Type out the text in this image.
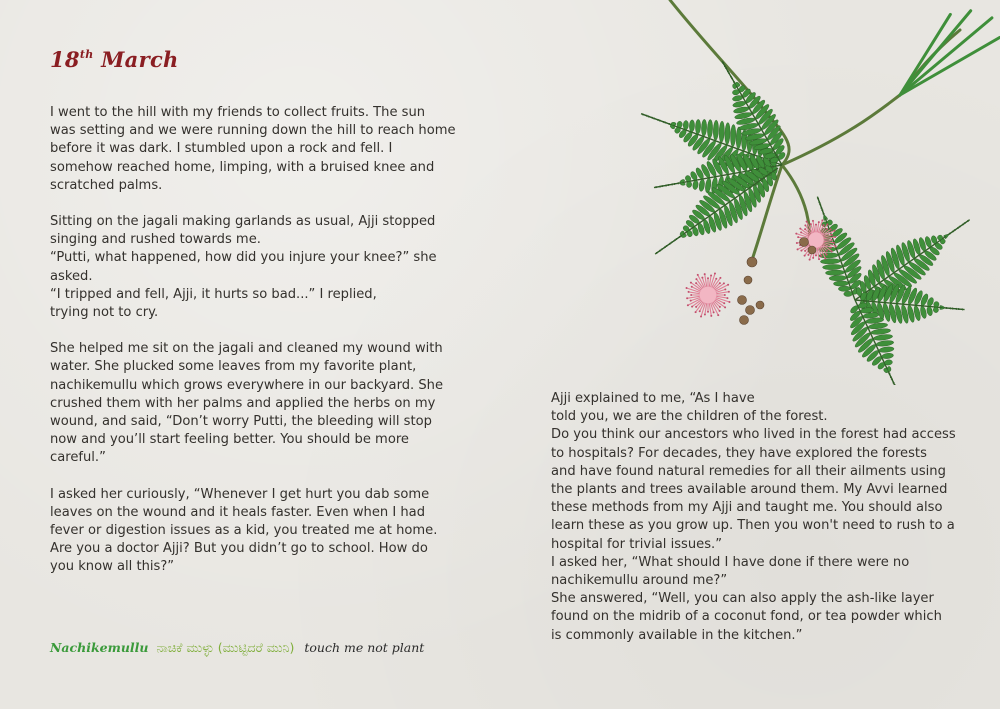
18th March

I went to the hill with my friends to collect fruits. The sun
was setting and we were running down the hill to reach home
before it was dark. I stumbled upon a rock and fell. I
somehow reached home, limping, with a bruised knee and
scratched palms.

Sitting on the jagali making garlands as usual, Ajji stopped
singing and rushed towards me.
“Putti, what happened, how did you injure your knee?” she
asked.
“I tripped and fell, Ajji, it hurts so bad...” I replied,
trying not to cry.

She helped me sit on the jagali and cleaned my wound with
water. She plucked some leaves from my favorite plant,
nachikemullu which grows everywhere in our backyard. She
crushed them with her palms and applied the herbs on my
wound, and said, “Don’t worry Putti, the bleeding will stop
now and you’ll start feeling better. You should be more
careful.”

I asked her curiously, “Whenever I get hurt you dab some
leaves on the wound and it heals faster. Even when I had
fever or digestion issues as a kid, you treated me at home.
Are you a doctor Ajji? But you didn’t go to school. How do
you know all this?”

Nachikemullu ನಾಚಿಕೆ ಮುಳ್ಳು (ಮುಟ್ಟಿದರೆ ಮುನಿ) touch me not plant

Ajji explained to me, “As I have
told you, we are the children of the forest.
Do you think our ancestors who lived in the forest had access
to hospitals? For decades, they have explored the forests
and have found natural remedies for all their ailments using
the plants and trees available around them. My Avvi learned
these methods from my Ajji and taught me. You should also
learn these as you grow up. Then you won't need to rush to a
hospital for trivial issues.”
I asked her, “What should I have done if there were no
nachikemullu around me?”
She answered, “Well, you can also apply the ash-like layer
found on the midrib of a coconut fond, or tea powder which
is commonly available in the kitchen.”
